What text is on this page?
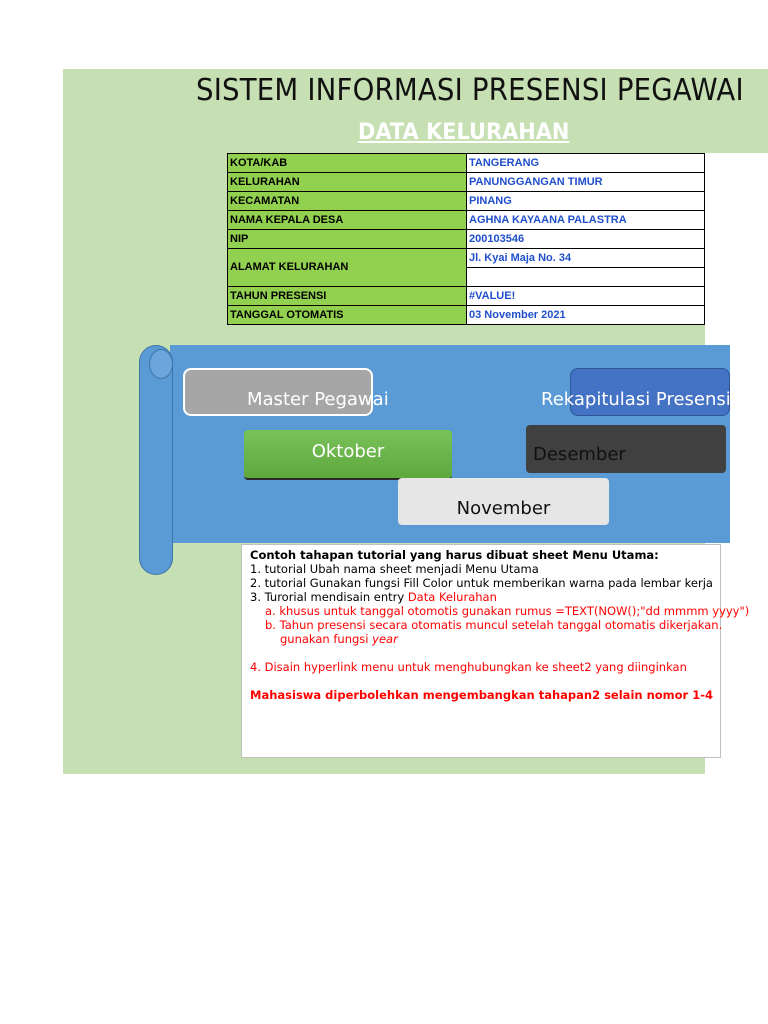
SISTEM INFORMASI PRESENSI PEGAWAI
DATA KELURAHAN
KOTA/KAB	TANGERANG
KELURAHAN	PANUNGGANGAN TIMUR
KECAMATAN	PINANG
NAMA KEPALA DESA	AGHNA KAYAANA PALASTRA
NIP	200103546
ALAMAT KELURAHAN	Jl. Kyai Maja No. 34

TAHUN PRESENSI	#VALUE!
TANGGAL OTOMATIS	03 November 2021
Master Pegawai	Rekapitulasi Presensi
Oktober	Desember
November
Contoh tahapan tutorial yang harus dibuat sheet Menu Utama:
1. tutorial Ubah nama sheet menjadi Menu Utama
2. tutorial Gunakan fungsi Fill Color untuk memberikan warna pada lembar kerja
3. Turorial mendisain entry Data Kelurahan
a. khusus untuk tanggal otomotis gunakan rumus =TEXT(NOW();"dd mmmm yyyy")
b. Tahun presensi secara otomatis muncul setelah tanggal otomatis dikerjakan.
gunakan fungsi year
4. Disain hyperlink menu untuk menghubungkan ke sheet2 yang diinginkan
Mahasiswa diperbolehkan mengembangkan tahapan2 selain nomor 1-4
